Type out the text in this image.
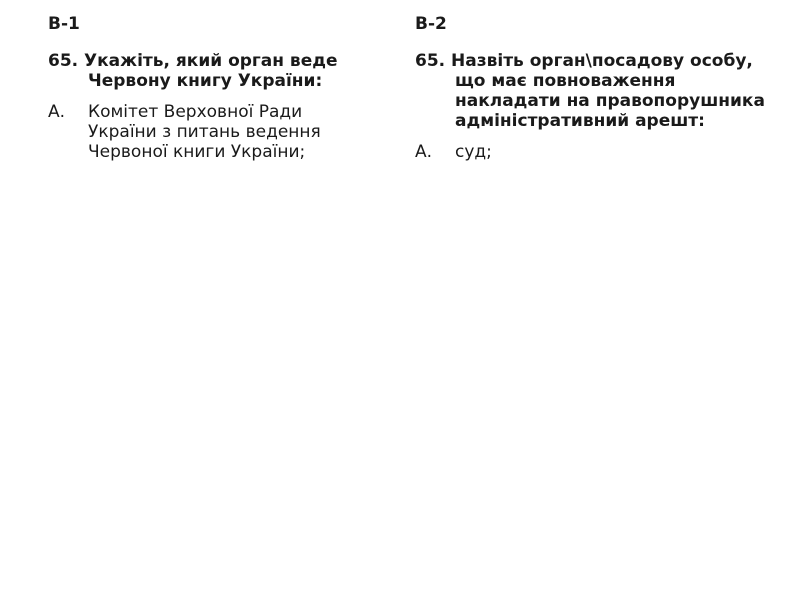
В-1
65. Укажіть, який орган веде Червону книгу України:
А.	Комітет Верховної Ради України з питань ведення Червоної книги України;
В-2
65. Назвіть орган\посадову особу, що має повноваження накладати на правопорушника адміністративний арешт:
А.	суд;
